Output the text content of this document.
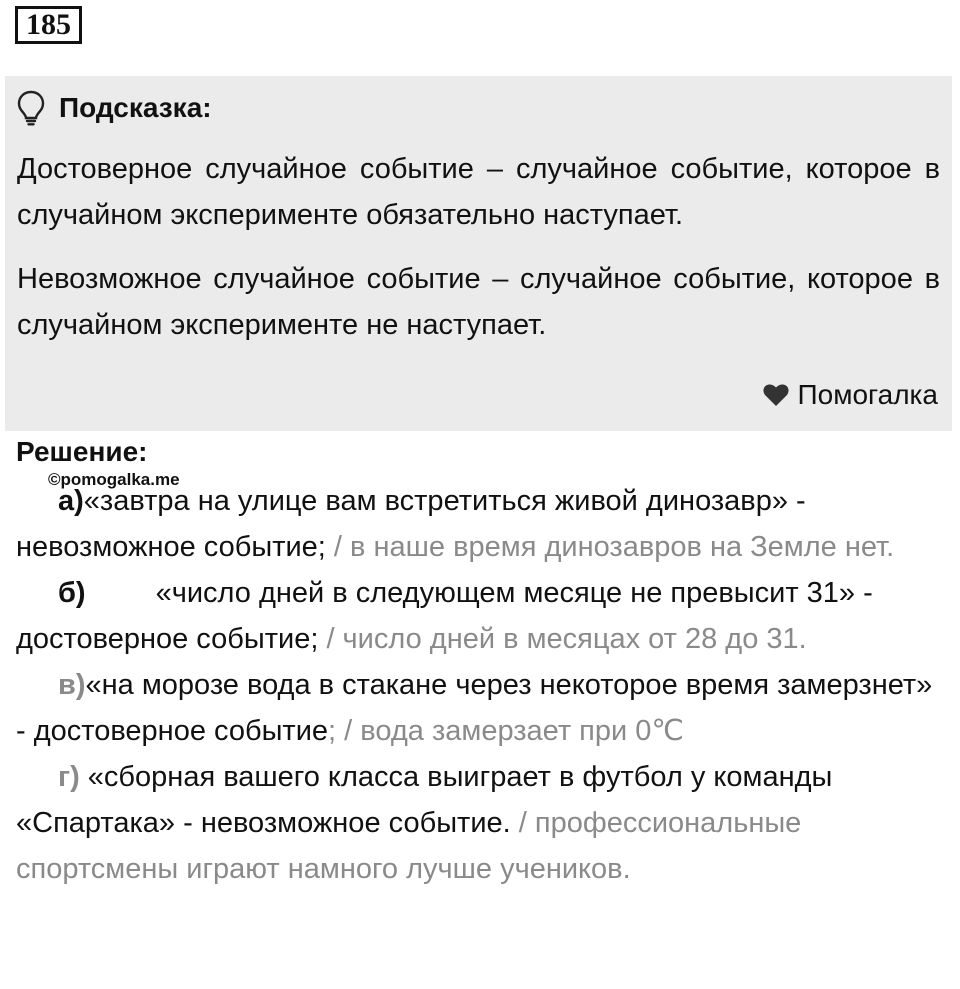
185
Подсказка:

Достоверное случайное событие – случайное событие, которое в случайном эксперименте обязательно наступает.

Невозможное случайное событие – случайное событие, которое в случайном эксперименте не наступает.

Помогалка
Решение:
©pomogalka.me

а)«завтра на улице вам встретиться живой динозавр» - невозможное событие; / в наше время динозавров на Земле нет.

б) «число дней в следующем месяце не превысит 31» - достоверное событие; / число дней в месяцах от 28 до 31.

в)«на морозе вода в стакане через некоторое время замерзнет» - достоверное событие; / вода замерзает при 0℃

г) «сборная вашего класса выиграет в футбол у команды «Спартака» - невозможное событие. / профессиональные спортсмены играют намного лучше учеников.
